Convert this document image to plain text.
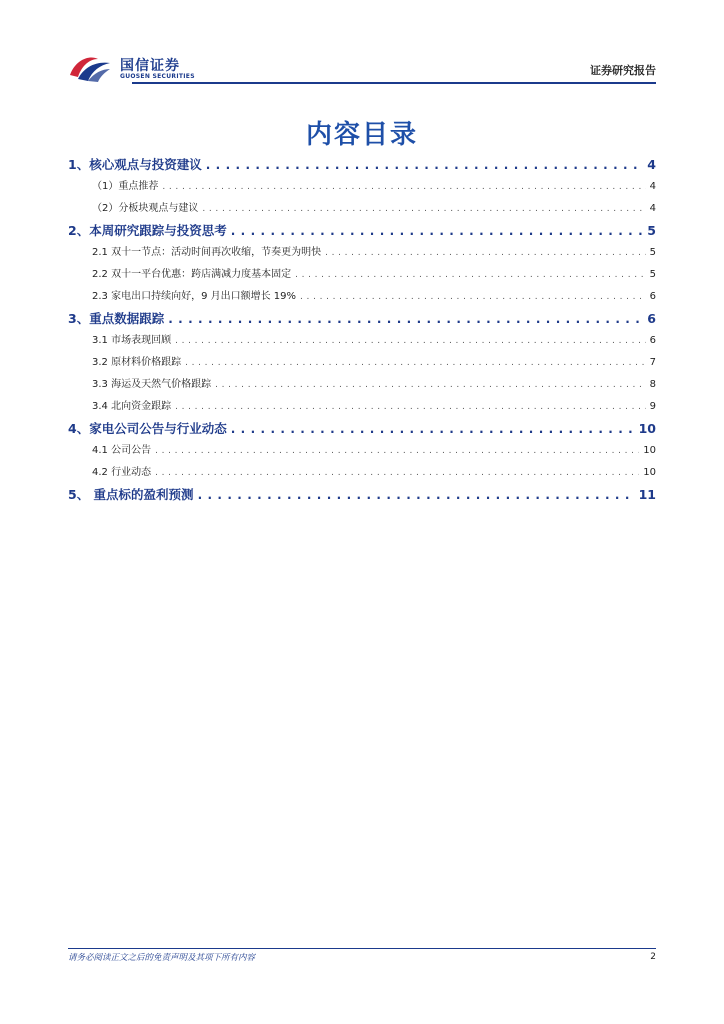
国信证券
GUOSEN SECURITIES	证券研究报告
内容目录
1、核心观点与投资建议 . . .	4
（1）重点推荐 . . .	4
（2）分板块观点与建议 . . .	4
2、本周研究跟踪与投资思考 . . .	5
2.1 双十一节点：活动时间再次收缩，节奏更为明快 . . .	5
2.2 双十一平台优惠：跨店满减力度基本固定 . . .	5
2.3 家电出口持续向好，9 月出口额增长 19% . . .	6
3、重点数据跟踪 . . .	6
3.1 市场表现回顾 . . .	6
3.2 原材料价格跟踪 . . .	7
3.3 海运及天然气价格跟踪 . . .	8
3.4 北向资金跟踪 . . .	9
4、家电公司公告与行业动态 . . .	10
4.1 公司公告 . . .	10
4.2 行业动态 . . .	10
5、 重点标的盈利预测 . . .	11
请务必阅读正文之后的免责声明及其项下所有内容	2
